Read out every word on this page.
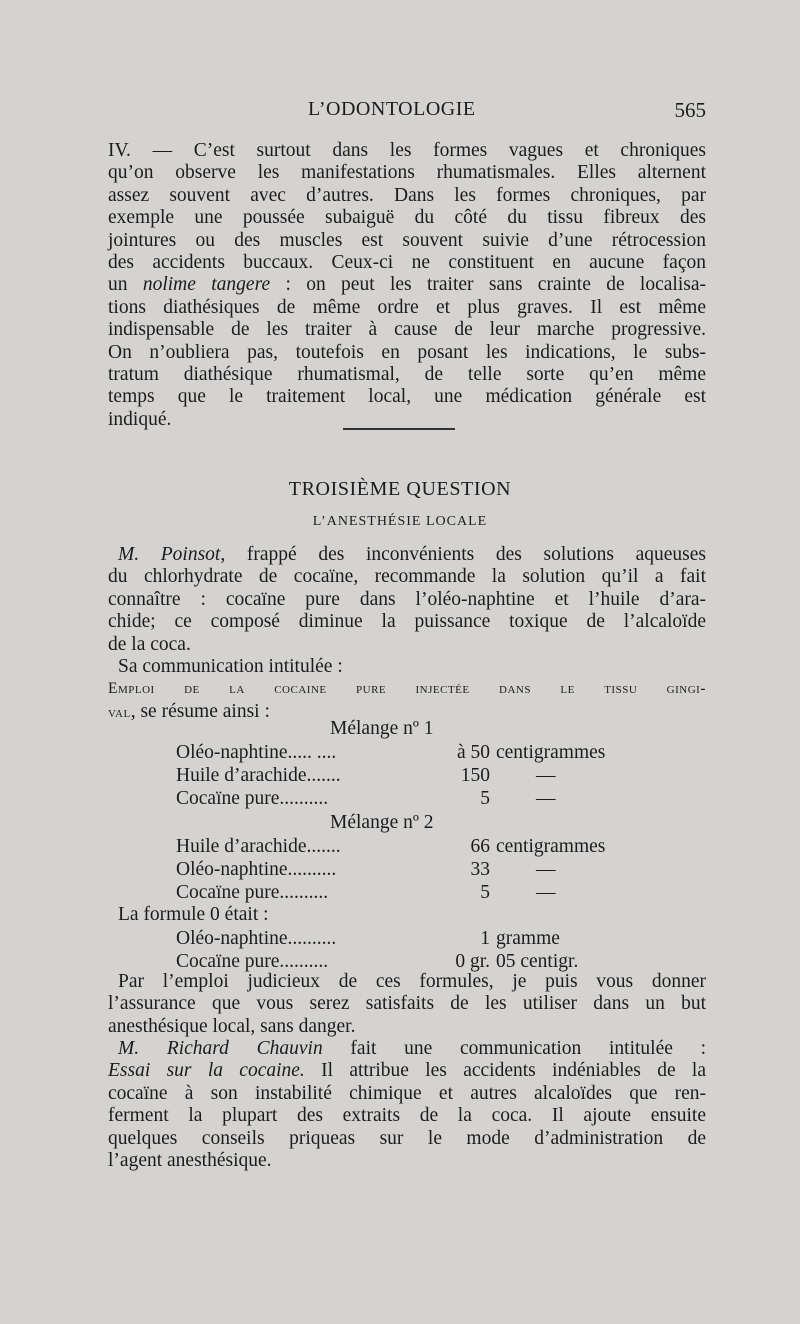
L’ODONTOLOGIE	565
IV. — C’est surtout dans les formes vagues et chroniques
qu’on observe les manifestations rhumatismales. Elles alternent
assez souvent avec d’autres. Dans les formes chroniques, par
exemple une poussée subaiguë du côté du tissu fibreux des
jointures ou des muscles est souvent suivie d’une rétrocession
des accidents buccaux. Ceux-ci ne constituent en aucune façon
un nolime tangere : on peut les traiter sans crainte de localisa-
tions diathésiques de même ordre et plus graves. Il est même
indispensable de les traiter à cause de leur marche progressive.
On n’oubliera pas, toutefois en posant les indications, le subs-
tratum diathésique rhumatismal, de telle sorte qu’en même
temps que le traitement local, une médication générale est
indiqué.
TROISIÈME QUESTION
L’ANESTHÉSIE LOCALE
M. Poinsot, frappé des inconvénients des solutions aqueuses
du chlorhydrate de cocaïne, recommande la solution qu’il a fait
connaître : cocaïne pure dans l’oléo-naphtine et l’huile d’ara-
chide; ce composé diminue la puissance toxique de l’alcaloïde
de la coca.
Sa communication intitulée :
Emploi de la cocaine pure injectée dans le tissu gingi-
val, se résume ainsi :
Mélange nº 1
Oléo-naphtine..... ....	à 50 centigrammes
Huile d’arachide.......	150 —
Cocaïne pure..........	5 —
Mélange nº 2
Huile d’arachide.......	66 centigrammes
Oléo-naphtine..........	33 —
Cocaïne pure..........	5 —
La formule 0 était :
Oléo-naphtine..........	1 gramme
Cocaïne pure..........	0 gr. 05 centigr.
Par l’emploi judicieux de ces formules, je puis vous donner
l’assurance que vous serez satisfaits de les utiliser dans un but
anesthésique local, sans danger.
M. Richard Chauvin fait une communication intitulée :
Essai sur la cocaine. Il attribue les accidents indéniables de la
cocaïne à son instabilité chimique et autres alcaloïdes que ren-
ferment la plupart des extraits de la coca. Il ajoute ensuite
quelques conseils priqueas sur le mode d’administration de
l’agent anesthésique.
